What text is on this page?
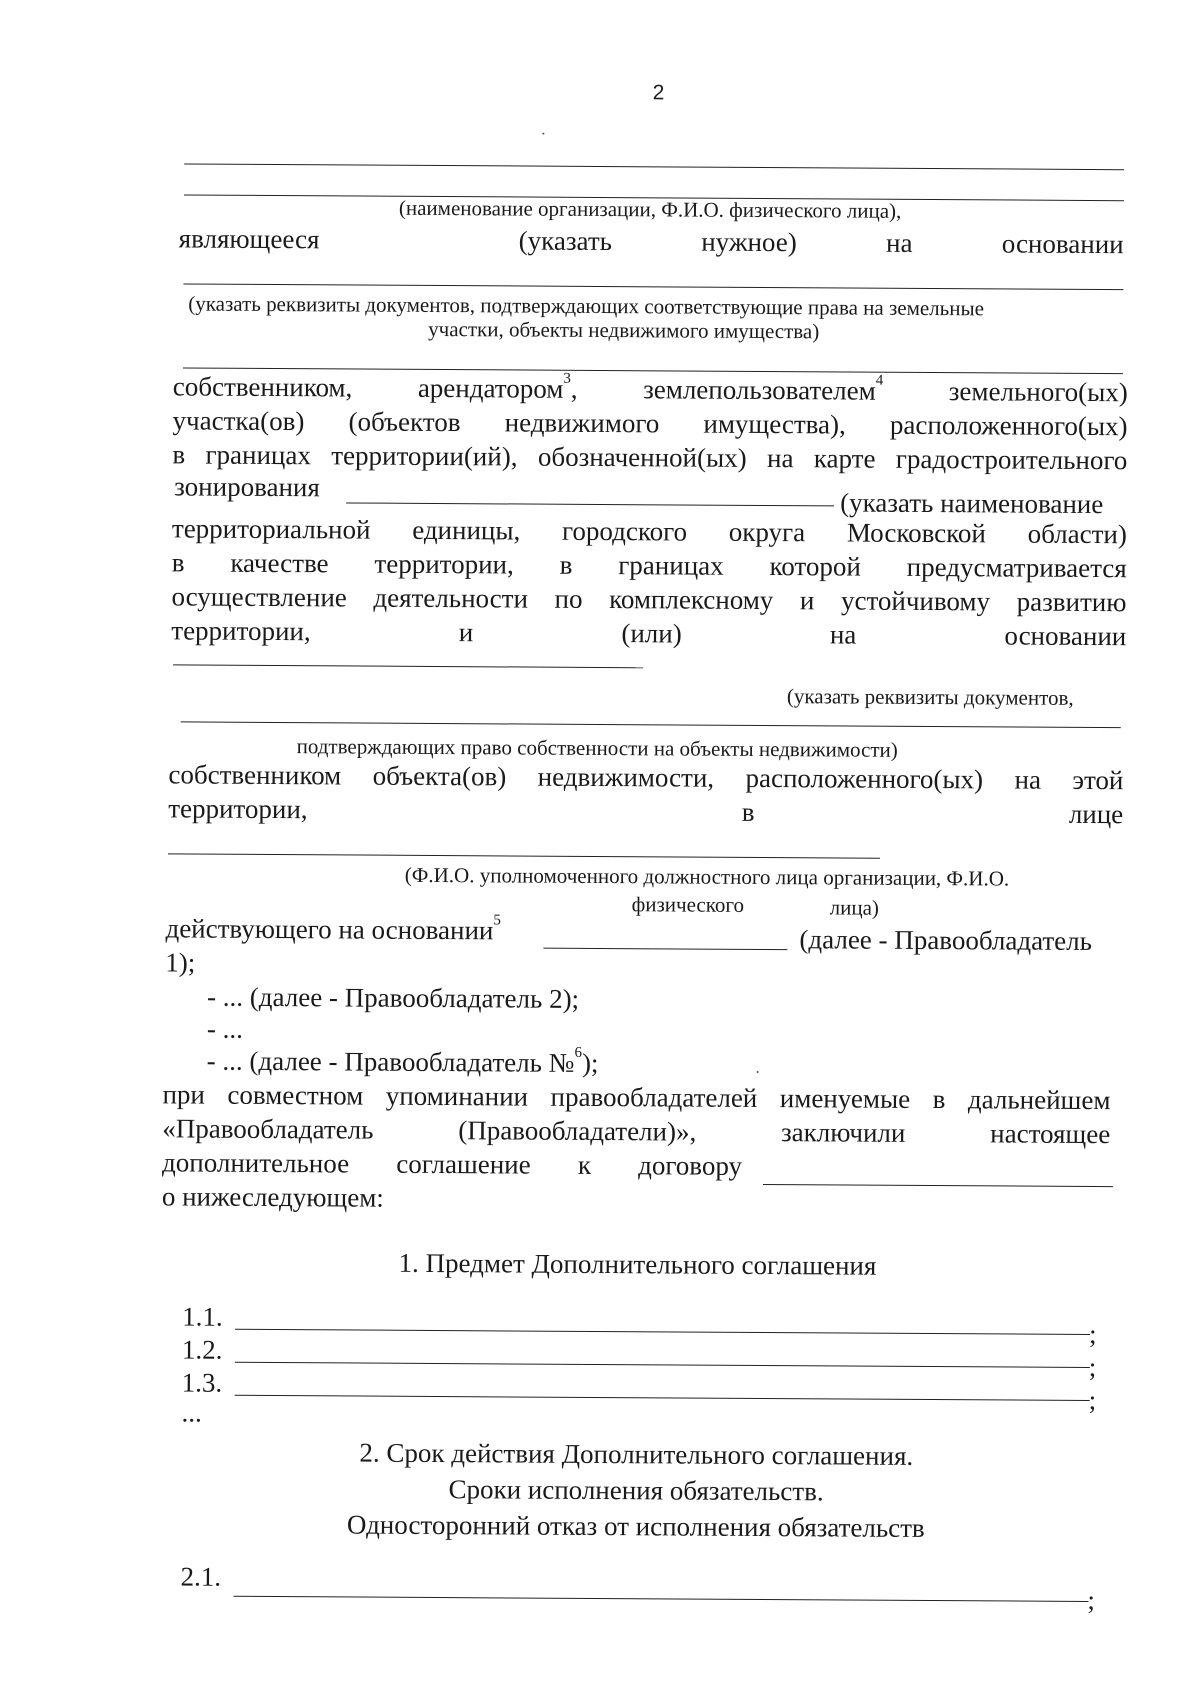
2
(наименование организации, Ф.И.О. физического лица),
являющееся	(указать	нужное)	на	основании
(указать реквизиты документов, подтверждающих соответствующие права на земельные
участки, объекты недвижимого имущества)
собственником, арендатором$^3$, землепользователем$^4$ земельного(ых)
участка(ов) (объектов недвижимого имущества), расположенного(ых)
в границах территории(ий), обозначенной(ых) на карте градостроительного
зонирования
(указать наименование
территориальной единицы, городского округа Московской области)
в качестве территории, в границах которой предусматривается
осуществление деятельности по комплексному и устойчивому развитию
территории,	и	(или)	на	основании
(указать реквизиты документов,
подтверждающих право собственности на объекты недвижимости)
собственником объекта(ов) недвижимости, расположенного(ых) на этой
территории,	в	лице
(Ф.И.О. уполномоченного должностного лица организации, Ф.И.О.
физического	лица)
действующего на основании$^5$
(далее - Правообладатель
1);
- ... (далее - Правообладатель 2);
- ...
- ... (далее - Правообладатель №$^6$);
при совместном упоминании правообладателей именуемые в дальнейшем
«Правообладатель	(Правообладатели)»,	заключили	настоящее
дополнительное соглашение к договору
о нижеследующем:
1. Предмет Дополнительного соглашения
1.1.
;
1.2.
;
1.3.
;
...
2. Срок действия Дополнительного соглашения.
Сроки исполнения обязательств.
Односторонний отказ от исполнения обязательств
2.1.
;
